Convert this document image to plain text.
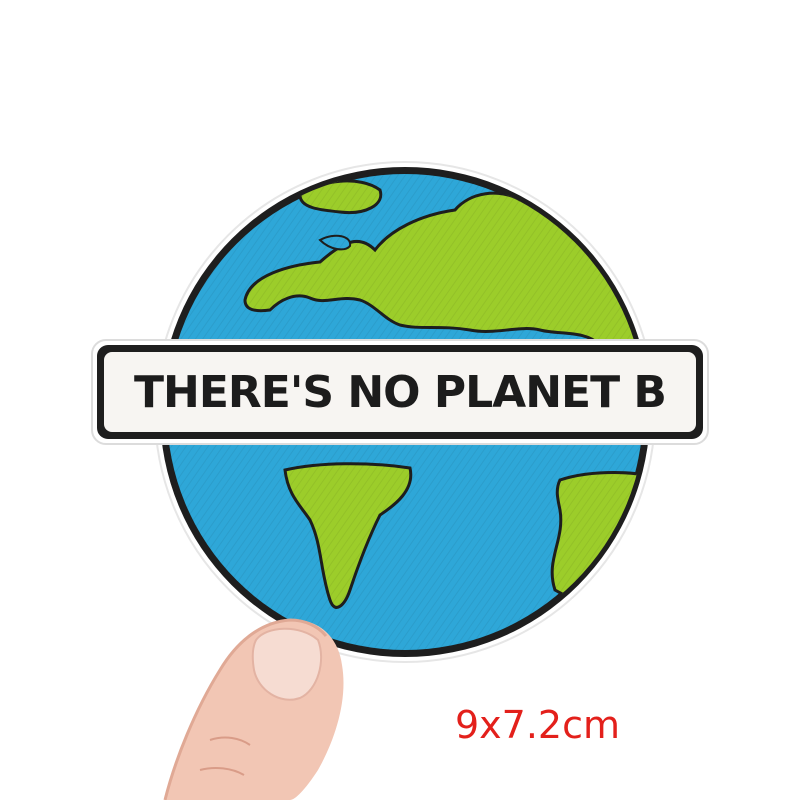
THERE'S NO PLANET B
9x7.2cm
